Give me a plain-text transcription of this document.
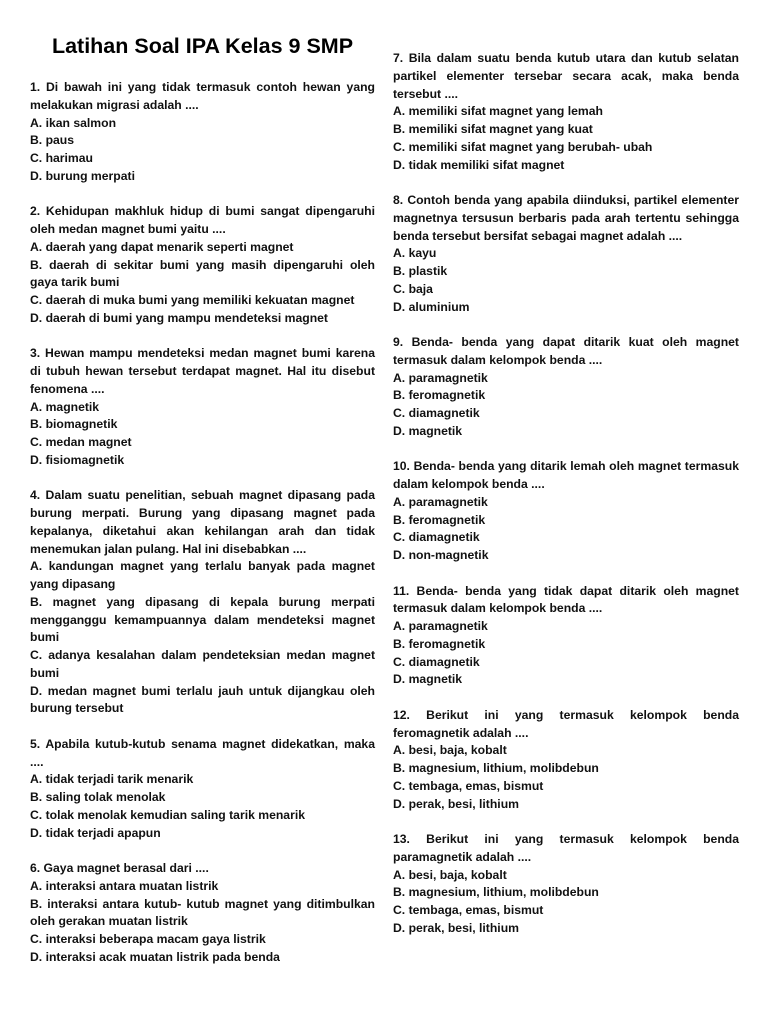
Latihan Soal IPA Kelas 9 SMP
1. Di bawah ini yang tidak termasuk contoh hewan yang melakukan migrasi adalah ....
A. ikan salmon
B. paus
C. harimau
D. burung merpati
2. Kehidupan makhluk hidup di bumi sangat dipengaruhi oleh medan magnet bumi yaitu ....
A. daerah yang dapat menarik seperti magnet
B. daerah di sekitar bumi yang masih dipengaruhi oleh gaya tarik bumi
C. daerah di muka bumi yang memiliki kekuatan magnet
D. daerah di bumi yang mampu mendeteksi magnet
3. Hewan mampu mendeteksi medan magnet bumi karena di tubuh hewan tersebut terdapat magnet. Hal itu disebut fenomena ....
A. magnetik
B. biomagnetik
C. medan magnet
D. fisiomagnetik
4. Dalam suatu penelitian, sebuah magnet dipasang pada burung merpati. Burung yang dipasang magnet pada kepalanya, diketahui akan kehilangan arah dan tidak menemukan jalan pulang. Hal ini disebabkan ....
A. kandungan magnet yang terlalu banyak pada magnet yang dipasang
B. magnet yang dipasang di kepala burung merpati mengganggu kemampuannya dalam mendeteksi magnet bumi
C. adanya kesalahan dalam pendeteksian medan magnet bumi
D. medan magnet bumi terlalu jauh untuk dijangkau oleh burung tersebut
5. Apabila kutub-kutub senama magnet didekatkan, maka ....
A. tidak terjadi tarik menarik
B. saling tolak menolak
C. tolak menolak kemudian saling tarik menarik
D. tidak terjadi apapun
6. Gaya magnet berasal dari ....
A. interaksi antara muatan listrik
B. interaksi antara kutub- kutub magnet yang ditimbulkan oleh gerakan muatan listrik
C. interaksi beberapa macam gaya listrik
D. interaksi acak muatan listrik pada benda
7. Bila dalam suatu benda kutub utara dan kutub selatan partikel elementer tersebar secara acak, maka benda tersebut ....
A. memiliki sifat magnet yang lemah
B. memiliki sifat magnet yang kuat
C. memiliki sifat magnet yang berubah- ubah
D. tidak memiliki sifat magnet
8. Contoh benda yang apabila diinduksi, partikel elementer magnetnya tersusun berbaris pada arah tertentu sehingga benda tersebut bersifat sebagai magnet adalah ....
A. kayu
B. plastik
C. baja
D. aluminium
9. Benda- benda yang dapat ditarik kuat oleh magnet termasuk dalam kelompok benda ....
A. paramagnetik
B. feromagnetik
C. diamagnetik
D. magnetik
10. Benda- benda yang ditarik lemah oleh magnet termasuk dalam kelompok benda ....
A. paramagnetik
B. feromagnetik
C. diamagnetik
D. non-magnetik
11. Benda- benda yang tidak dapat ditarik oleh magnet termasuk dalam kelompok benda ....
A. paramagnetik
B. feromagnetik
C. diamagnetik
D. magnetik
12. Berikut ini yang termasuk kelompok benda feromagnetik adalah ....
A. besi, baja, kobalt
B. magnesium, lithium, molibdebun
C. tembaga, emas, bismut
D. perak, besi, lithium
13. Berikut ini yang termasuk kelompok benda paramagnetik adalah ....
A. besi, baja, kobalt
B. magnesium, lithium, molibdebun
C. tembaga, emas, bismut
D. perak, besi, lithium
